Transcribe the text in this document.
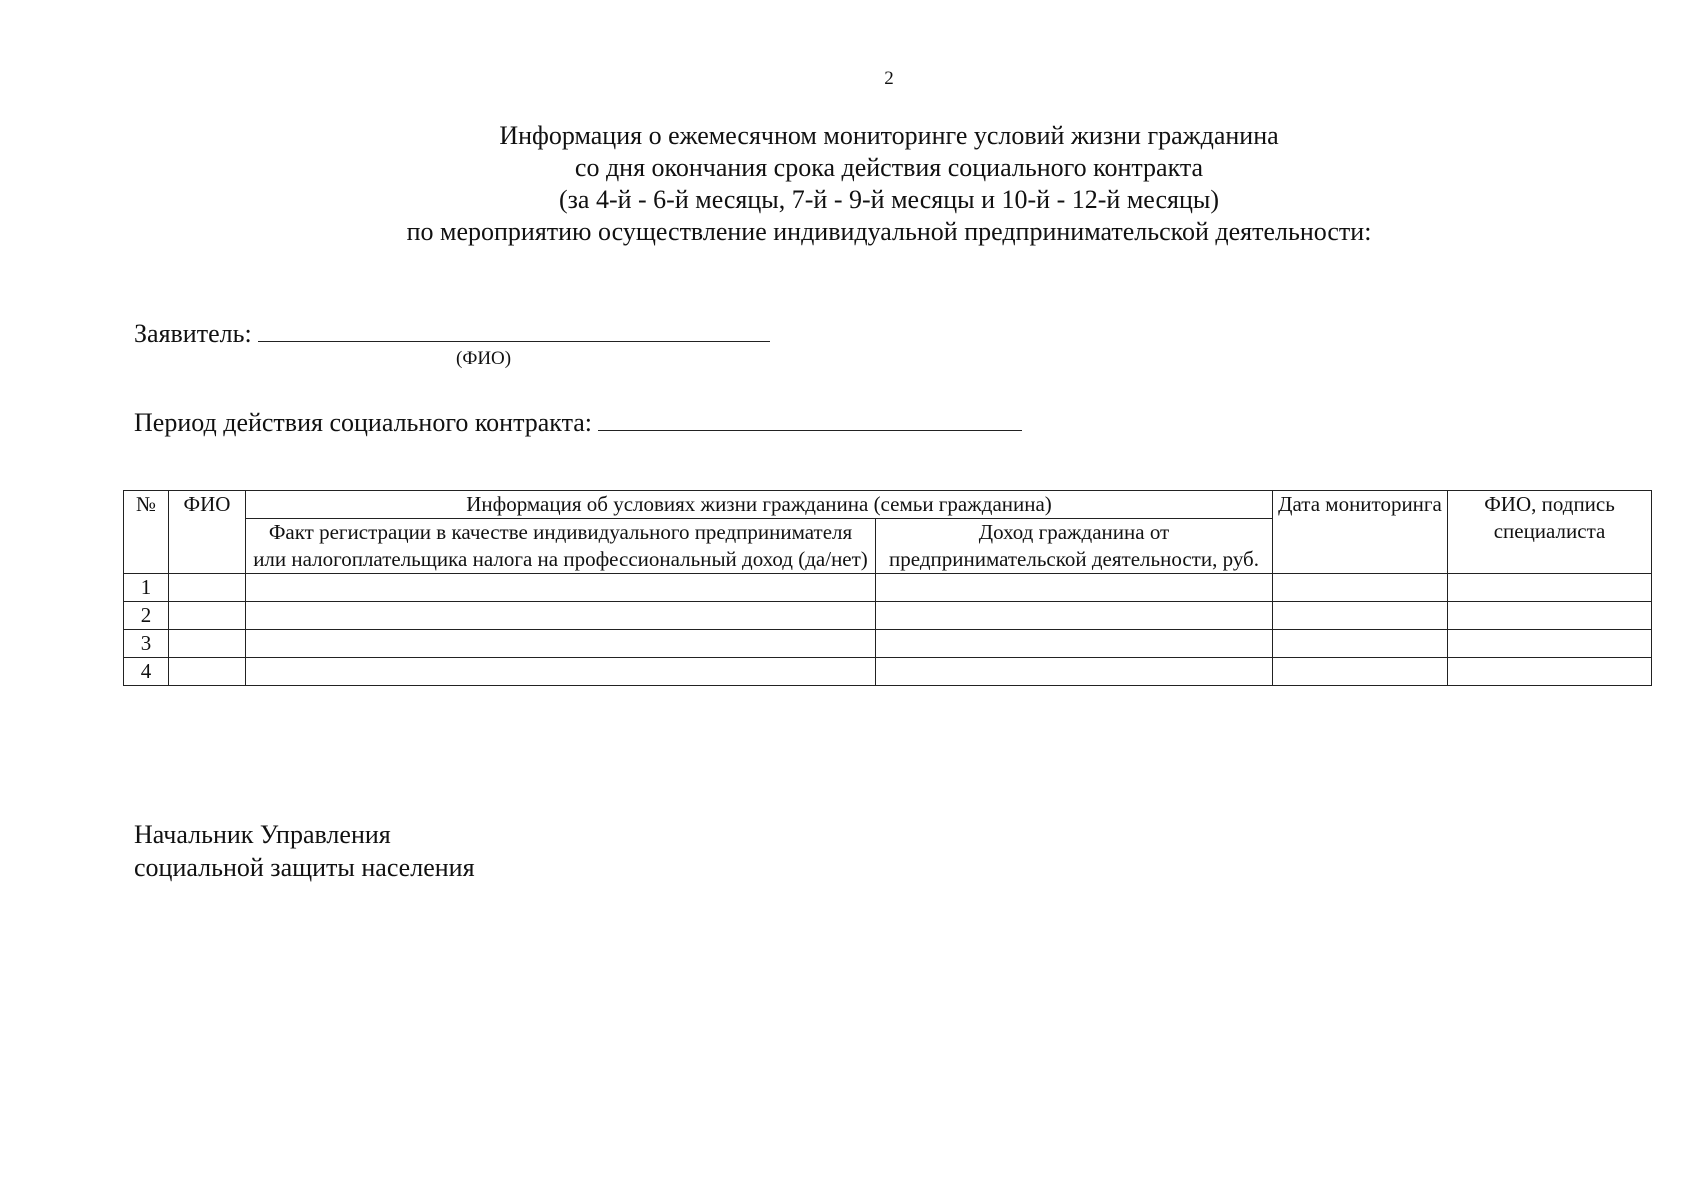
2
Информация о ежемесячном мониторинге условий жизни гражданина
со дня окончания срока действия социального контракта
(за 4-й - 6-й месяцы, 7-й - 9-й месяцы и 10-й - 12-й месяцы)
по мероприятию осуществление индивидуальной предпринимательской деятельности:
Заявитель:
(ФИО)
Период действия социального контракта:
№	ФИО	Информация об условиях жизни гражданина (семьи гражданина)		Дата мониторинга	ФИО, подпись специалиста
		Факт регистрации в качестве индивидуального предпринимателя или налогоплательщика налога на профессиональный доход (да/нет)	Доход гражданина от предпринимательской деятельности, руб.		
1					
2					
3					
4					
Начальник Управления
социальной защиты населения
